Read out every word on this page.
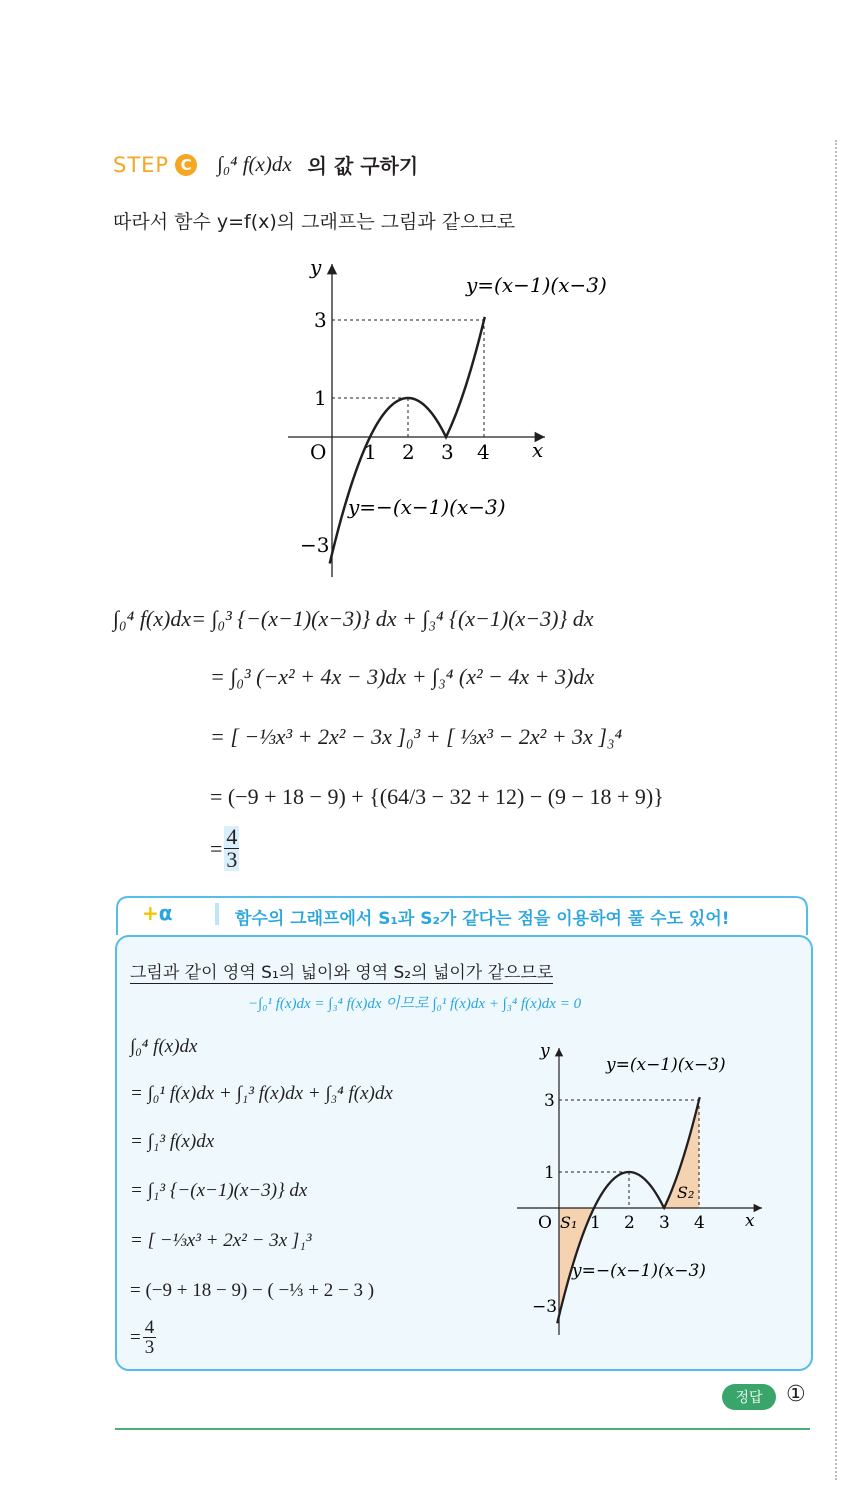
STEP C ∫₀⁴ f(x)dx 의 값 구하기
따라서 함수 y=f(x)의 그래프는 그림과 같으므로
y
x
O 1 2 3 4
3
1
−3
y=(x−1)(x−3)
y=−(x−1)(x−3)
∫₀⁴ f(x)dx= ∫₀³ {−(x−1)(x−3)} dx + ∫₃⁴ {(x−1)(x−3)} dx
= ∫₀³ (−x² + 4x − 3)dx + ∫₃⁴ (x² − 4x + 3)dx
= [ −⅓x³ + 2x² − 3x ]₀³ + [ ⅓x³ − 2x² + 3x ]₃⁴
= (−9 + 18 − 9) + {(64/3 − 32 + 12) − (9 − 18 + 9)}
= $\frac{4}{3}$
+α	함수의 그래프에서 S₁과 S₂가 같다는 점을 이용하여 풀 수도 있어!
그림과 같이 영역 S₁의 넓이와 영역 S₂의 넓이가 같으므로
−∫₀¹ f(x)dx = ∫₃⁴ f(x)dx 이므로 ∫₀¹ f(x)dx + ∫₃⁴ f(x)dx = 0
∫₀⁴ f(x)dx
= ∫₀¹ f(x)dx + ∫₁³ f(x)dx + ∫₃⁴ f(x)dx
= ∫₁³ f(x)dx
= ∫₁³ {−(x−1)(x−3)} dx
= [ −⅓x³ + 2x² − 3x ]₁³
= (−9 + 18 − 9) − ( −⅓ + 2 − 3 )
= $\frac{4}{3}$
y
x
O 1 2 3 4
3
1
−3
S₁
S₂
y=(x−1)(x−3)
y=−(x−1)(x−3)
정답	①
